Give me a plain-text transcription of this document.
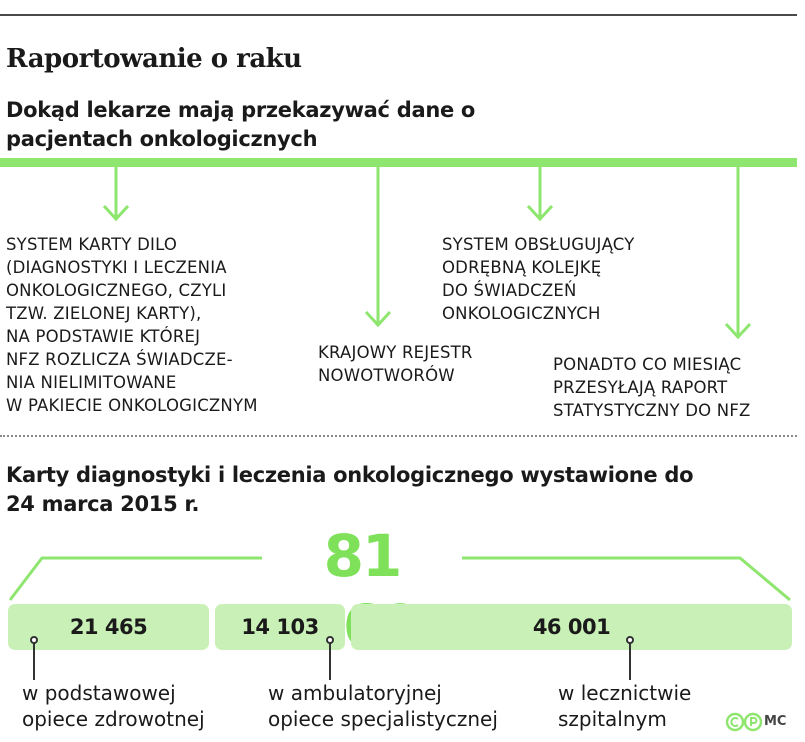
Raportowanie o raku
Dokąd lekarze mają przekazywać dane o pacjentach onkologicznych
SYSTEM KARTY DILO
(DIAGNOSTYKI I LECZENIA
ONKOLOGICZNEGO, CZYLI
TZW. ZIELONEJ KARTY),
NA PODSTAWIE KTÓREJ
NFZ ROZLICZA ŚWIADCZE-
NIA NIELIMITOWANE
W PAKIECIE ONKOLOGICZNYM
KRAJOWY REJESTR
NOWOTWORÓW
SYSTEM OBSŁUGUJĄCY
ODRĘBNĄ KOLEJKĘ
DO ŚWIADCZEŃ
ONKOLOGICZNYCH
PONADTO CO MIESIĄC
PRZESYŁAJĄ RAPORT
STATYSTYCZNY DO NFZ
Karty diagnostyki i leczenia onkologicznego wystawione do 24 marca 2015 r.
81
21 465	14 103	46 001
w podstawowej
opiece zdrowotnej
w ambulatoryjnej
opiece specjalistycznej
w lecznictwie
szpitalnym	MC
